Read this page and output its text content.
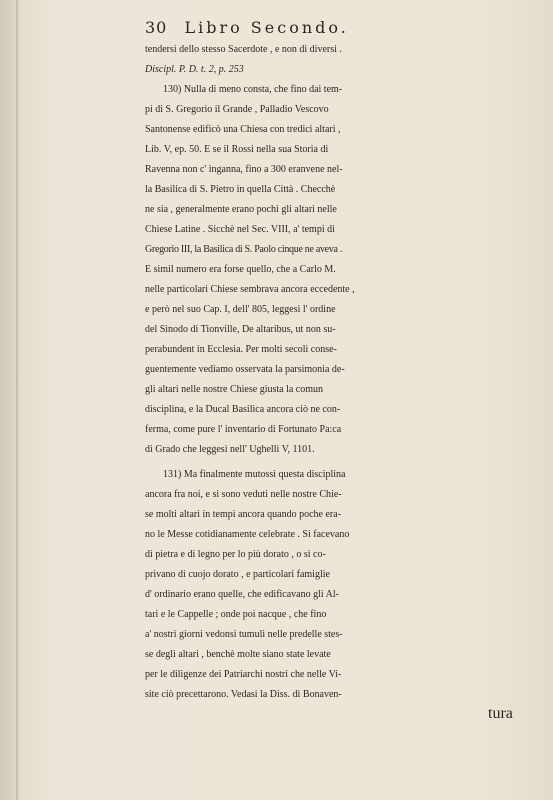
30 Libro Secondo.
tendersi dello stesso Sacerdote , e non di diversi .
Discipl. P. D. t. 2, p. 253
130) Nulla di meno consta, che fino dai tem-
pi di S. Gregorio il Grande , Palladio Vescovo
Santonense edificò una Chiesa con tredici altari ,
Lib. V, ep. 50. E se il Rossi nella sua Storia di
Ravenna non c' inganna, fino a 300 eranvene nel-
la Basilica di S. Pietro in quella Città . Checchè
ne sia , generalmente erano pochi gli altari nelle
Chiese Latine . Sicchè nel Sec. VIII, a' tempi di
Gregorio III, la Basilica di S. Paolo cinque ne aveva .
E simil numero era forse quello, che a Carlo M.
nelle particolari Chiese sembrava ancora eccedente ,
e però nel suo Cap. I, dell' 805, leggesi l' ordine
del Sinodo di Tionville, De altaribus, ut non su-
perabundent in Ecclesia. Per molti secoli conse-
guentemente vediamo osservata la parsimonia de-
gli altari nelle nostre Chiese giusta la comun
disciplina, e la Ducal Basilica ancora ciò ne con-
ferma, come pure l' inventario di Fortunato Pa:ca
di Grado che leggesi nell' Ughelli V, 1101.
131) Ma finalmente mutossi questa disciplina
ancora fra noi, e si sono veduti nelle nostre Chie-
se molti altari in tempi ancora quando poche era-
no le Messe cotidianamente celebrate . Si facevano
di pietra e di legno per lo più dorato , o si co-
privano di cuojo dorato , e particolari famiglie
d' ordinario erano quelle, che edificavano gli Al-
tari e le Cappelle ; onde poi nacque , che fino
a' nostri giorni vedonsi tumuli nelle predelle stes-
se degli altari , benchè molte siano state levate
per le diligenze dei Patriarchi nostri che nelle Vi-
site ciò precettarono. Vedasi la Diss. di Bonaven-
tura
